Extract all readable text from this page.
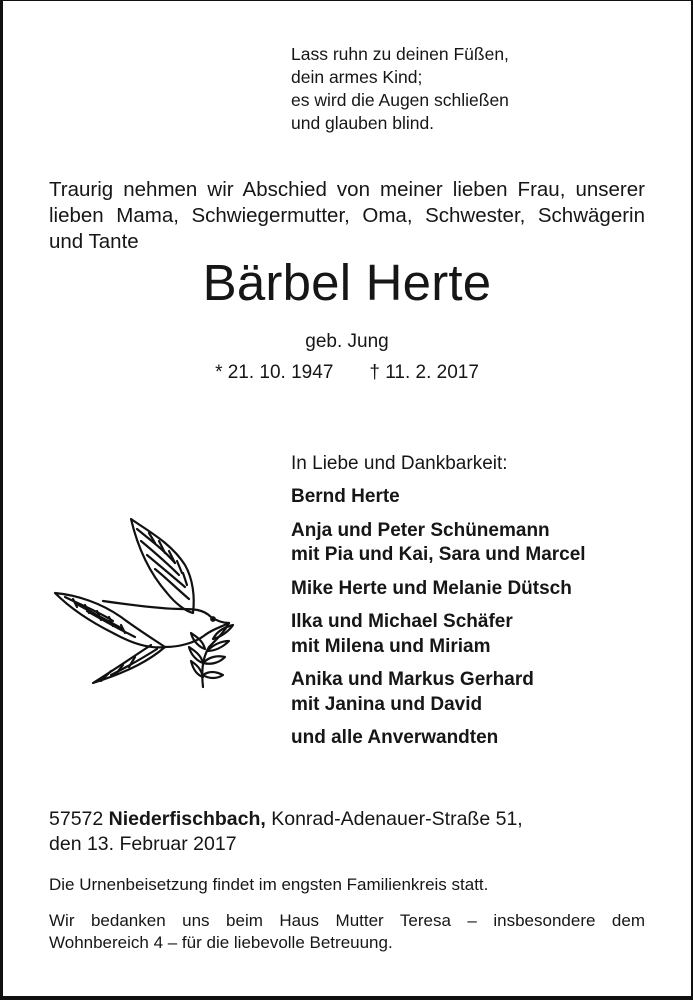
Lass ruhn zu deinen Füßen,
dein armes Kind;
es wird die Augen schließen
und glauben blind.
Traurig nehmen wir Abschied von meiner lieben Frau, unserer lieben Mama, Schwiegermutter, Oma, Schwester, Schwägerin und Tante
Bärbel Herte
geb. Jung
* 21. 10. 1947 † 11. 2. 2017
In Liebe und Dankbarkeit:
Bernd Herte
Anja und Peter Schünemann
mit Pia und Kai, Sara und Marcel
Mike Herte und Melanie Dütsch
Ilka und Michael Schäfer
mit Milena und Miriam
Anika und Markus Gerhard
mit Janina und David
und alle Anverwandten
57572 Niederfischbach, Konrad-Adenauer-Straße 51,
den 13. Februar 2017
Die Urnenbeisetzung findet im engsten Familienkreis statt.
Wir bedanken uns beim Haus Mutter Teresa – insbesondere dem
Wohnbereich 4 – für die liebevolle Betreuung.
